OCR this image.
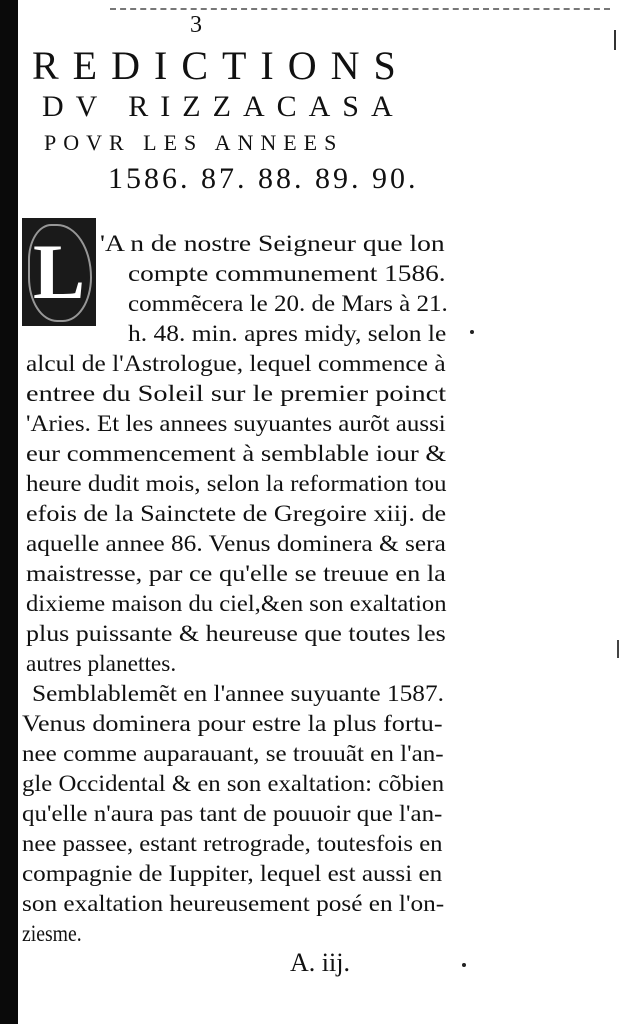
3
REDICTIONS
DV RIZZACASA
POVR LES ANNEES
1586. 87. 88. 89. 90.
L 'A n de nostre Seigneur que lon
compte communement 1586.
commẽcera le 20. de Mars à 21.
h. 48. min. apres midy, selon le
alcul de l'Astrologue, lequel commence à
entree du Soleil sur le premier poinct
'Aries. Et les annees suyuantes aurõt aussi
eur commencement à semblable iour &
heure dudit mois, selon la reformation tou
efois de la Sainctete de Gregoire xiij. de
aquelle annee 86. Venus dominera & sera
maistresse, par ce qu'elle se treuue en la
dixieme maison du ciel,&en son exaltation
plus puissante & heureuse que toutes les
autres planettes.
Semblablemẽt en l'annee suyuante 1587.
Venus dominera pour estre la plus fortu-
nee comme auparauant, se trouuãt en l'an-
gle Occidental & en son exaltation: cõbien
qu'elle n'aura pas tant de pouuoir que l'an-
nee passee, estant retrograde, toutesfois en
compagnie de Iuppiter, lequel est aussi en
son exaltation heureusement posé en l'on-
ziesme.
A. iij.
